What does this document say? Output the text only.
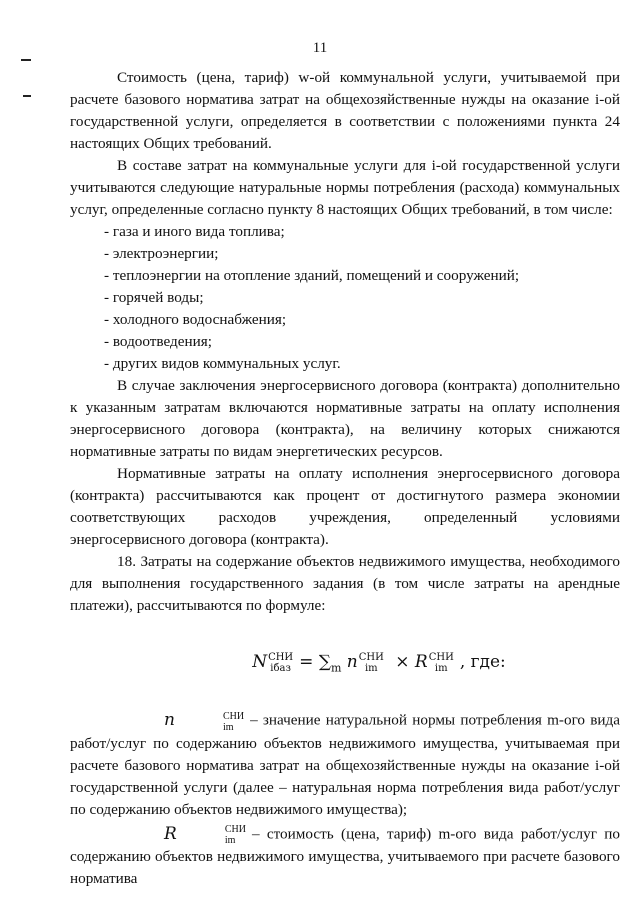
11

Стоимость (цена, тариф) w-ой коммунальной услуги, учитываемой при расчете базового норматива затрат на общехозяйственные нужды на оказание i-ой государственной услуги, определяется в соответствии с положениями пункта 24 настоящих Общих требований.

В составе затрат на коммунальные услуги для i-ой государственной услуги учитываются следующие натуральные нормы потребления (расхода) коммунальных услуг, определенные согласно пункту 8 настоящих Общих требований, в том числе:

- газа и иного вида топлива;
- электроэнергии;
- теплоэнергии на отопление зданий, помещений и сооружений;
- горячей воды;
- холодного водоснабжения;
- водоотведения;
- других видов коммунальных услуг.

В случае заключения энергосервисного договора (контракта) дополнительно к указанным затратам включаются нормативные затраты на оплату исполнения энергосервисного договора (контракта), на величину которых снижаются нормативные затраты по видам энергетических ресурсов.

Нормативные затраты на оплату исполнения энергосервисного договора (контракта) рассчитываются как процент от достигнутого размера экономии соответствующих расходов учреждения, определенный условиями энергосервисного договора (контракта).

18. Затраты на содержание объектов недвижимого имущества, необходимого для выполнения государственного задания (в том числе затраты на арендные платежи), рассчитываются по формуле:

N СНИ
iбаз = $\sum_m$ n СНИ
im	× R СНИ
im , где:

n	СНИ
im	– значение натуральной нормы потребления m-ого вида работ/услуг по содержанию объектов недвижимого имущества, учитываемая при расчете базового норматива затрат на общехозяйственные нужды на оказание i-ой государственной услуги (далее – натуральная норма потребления вида работ/услуг по содержанию объектов недвижимого имущества);

R	СНИ
im	– стоимость (цена, тариф) m-ого вида работ/услуг по содержанию объектов недвижимого имущества, учитываемого при расчете базового норматива
